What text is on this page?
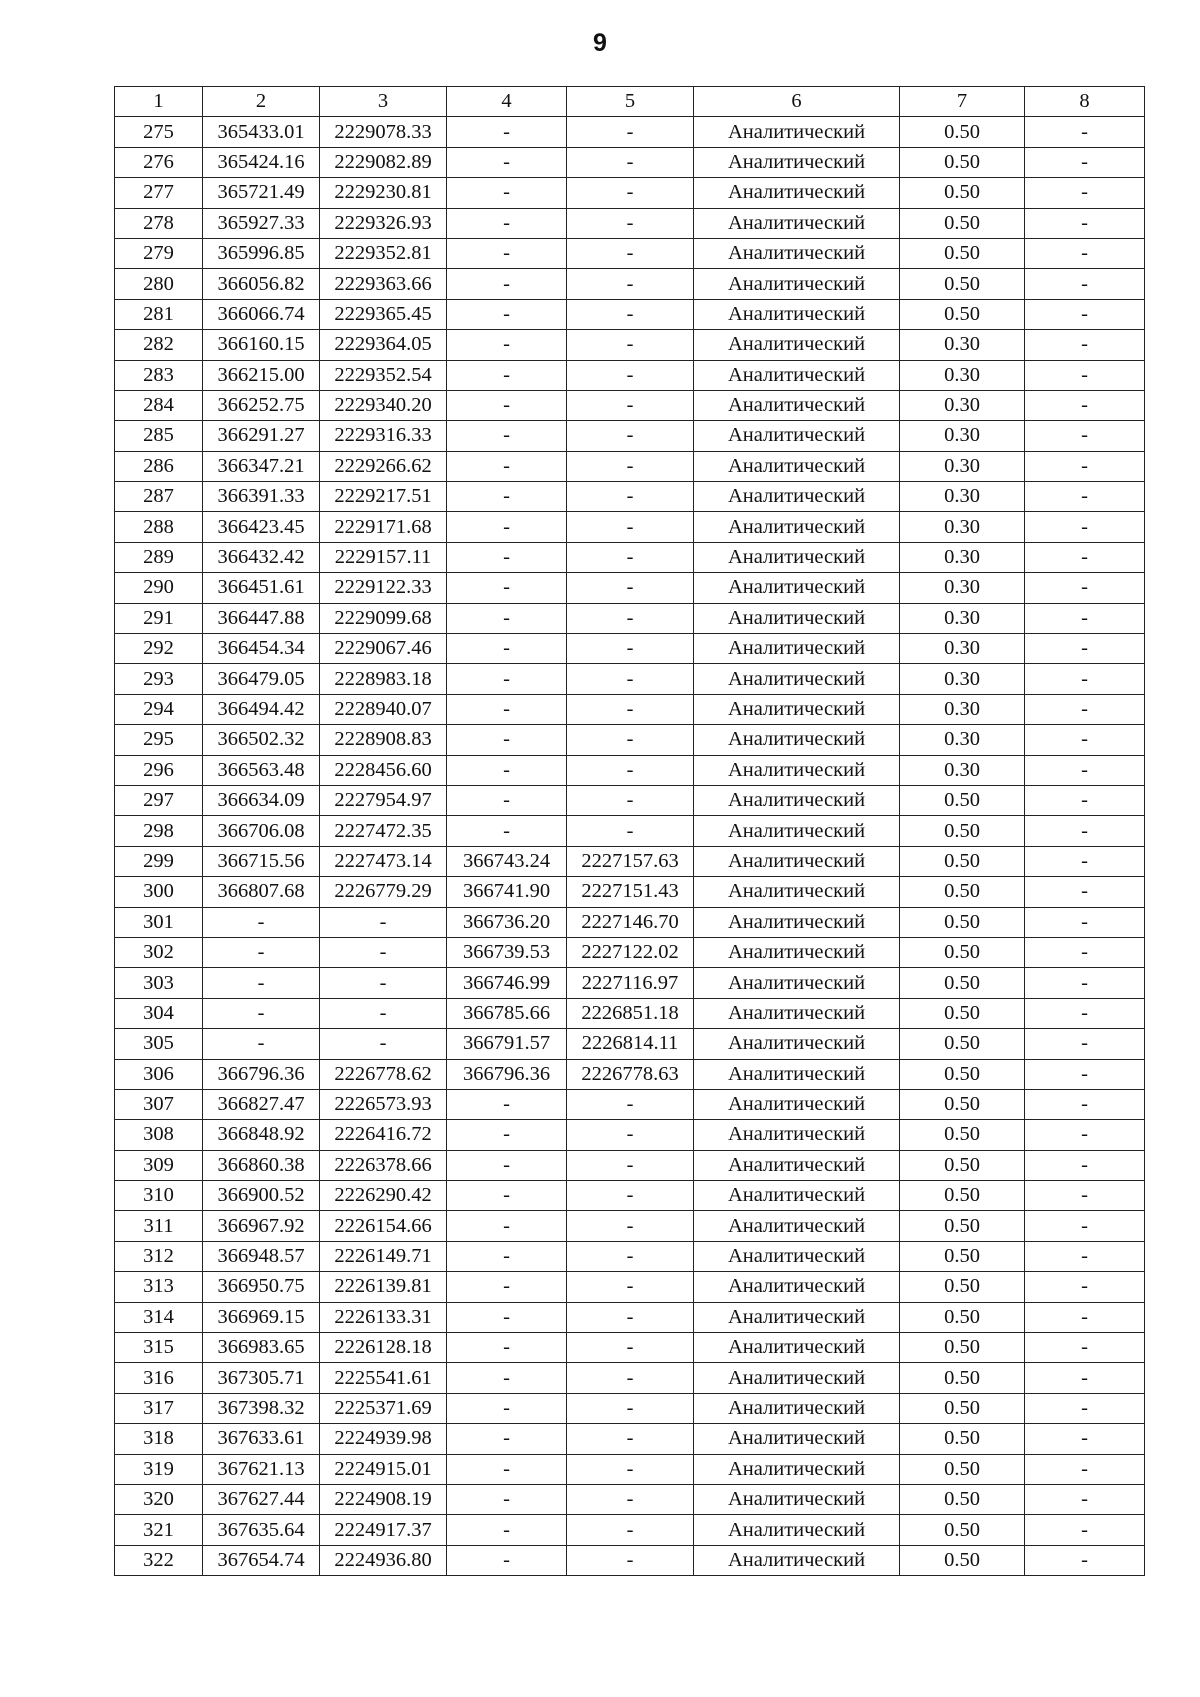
9
1	2	3	4	5	6	7	8
275	365433.01	2229078.33	-	-	Аналитический	0.50	-
276	365424.16	2229082.89	-	-	Аналитический	0.50	-
277	365721.49	2229230.81	-	-	Аналитический	0.50	-
278	365927.33	2229326.93	-	-	Аналитический	0.50	-
279	365996.85	2229352.81	-	-	Аналитический	0.50	-
280	366056.82	2229363.66	-	-	Аналитический	0.50	-
281	366066.74	2229365.45	-	-	Аналитический	0.50	-
282	366160.15	2229364.05	-	-	Аналитический	0.30	-
283	366215.00	2229352.54	-	-	Аналитический	0.30	-
284	366252.75	2229340.20	-	-	Аналитический	0.30	-
285	366291.27	2229316.33	-	-	Аналитический	0.30	-
286	366347.21	2229266.62	-	-	Аналитический	0.30	-
287	366391.33	2229217.51	-	-	Аналитический	0.30	-
288	366423.45	2229171.68	-	-	Аналитический	0.30	-
289	366432.42	2229157.11	-	-	Аналитический	0.30	-
290	366451.61	2229122.33	-	-	Аналитический	0.30	-
291	366447.88	2229099.68	-	-	Аналитический	0.30	-
292	366454.34	2229067.46	-	-	Аналитический	0.30	-
293	366479.05	2228983.18	-	-	Аналитический	0.30	-
294	366494.42	2228940.07	-	-	Аналитический	0.30	-
295	366502.32	2228908.83	-	-	Аналитический	0.30	-
296	366563.48	2228456.60	-	-	Аналитический	0.30	-
297	366634.09	2227954.97	-	-	Аналитический	0.50	-
298	366706.08	2227472.35	-	-	Аналитический	0.50	-
299	366715.56	2227473.14	366743.24	2227157.63	Аналитический	0.50	-
300	366807.68	2226779.29	366741.90	2227151.43	Аналитический	0.50	-
301	-	-	366736.20	2227146.70	Аналитический	0.50	-
302	-	-	366739.53	2227122.02	Аналитический	0.50	-
303	-	-	366746.99	2227116.97	Аналитический	0.50	-
304	-	-	366785.66	2226851.18	Аналитический	0.50	-
305	-	-	366791.57	2226814.11	Аналитический	0.50	-
306	366796.36	2226778.62	366796.36	2226778.63	Аналитический	0.50	-
307	366827.47	2226573.93	-	-	Аналитический	0.50	-
308	366848.92	2226416.72	-	-	Аналитический	0.50	-
309	366860.38	2226378.66	-	-	Аналитический	0.50	-
310	366900.52	2226290.42	-	-	Аналитический	0.50	-
311	366967.92	2226154.66	-	-	Аналитический	0.50	-
312	366948.57	2226149.71	-	-	Аналитический	0.50	-
313	366950.75	2226139.81	-	-	Аналитический	0.50	-
314	366969.15	2226133.31	-	-	Аналитический	0.50	-
315	366983.65	2226128.18	-	-	Аналитический	0.50	-
316	367305.71	2225541.61	-	-	Аналитический	0.50	-
317	367398.32	2225371.69	-	-	Аналитический	0.50	-
318	367633.61	2224939.98	-	-	Аналитический	0.50	-
319	367621.13	2224915.01	-	-	Аналитический	0.50	-
320	367627.44	2224908.19	-	-	Аналитический	0.50	-
321	367635.64	2224917.37	-	-	Аналитический	0.50	-
322	367654.74	2224936.80	-	-	Аналитический	0.50	-
